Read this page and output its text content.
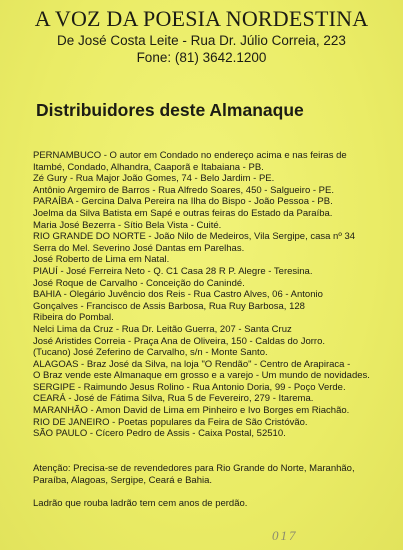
A VOZ DA POESIA NORDESTINA

De José Costa Leite - Rua Dr. Júlio Correia, 223

Fone: (81) 3642.1200

Distribuidores deste Almanaque
PERNAMBUCO - O autor em Condado no endereço acima e nas feiras de
Itambé, Condado, Alhandra, Caaporã e Itabaiana - PB.
Zé Gury - Rua Major João Gomes, 74 - Belo Jardim - PE.
Antônio Argemiro de Barros - Rua Alfredo Soares, 450 - Salgueiro - PE.
PARAÍBA - Gercina Dalva Pereira na Ilha do Bispo - João Pessoa - PB.
Joelma da Silva Batista em Sapé e outras feiras do Estado da Paraíba.
Maria José Bezerra - Sítio Bela Vista - Cuité.
RIO GRANDE DO NORTE - João Nilo de Medeiros, Vila Sergipe, casa nº 34
Serra do Mel. Severino José Dantas em Parelhas.
José Roberto de Lima em Natal.
PIAUÍ - José Ferreira Neto - Q. C1 Casa 28 R P. Alegre - Teresina.
José Roque de Carvalho - Conceição do Canindé.
BAHIA - Olegário Juvêncio dos Reis - Rua Castro Alves, 06 - Antonio
Gonçalves - Francisco de Assis Barbosa, Rua Ruy Barbosa, 128
Ribeira do Pombal.
Nelci Lima da Cruz - Rua Dr. Leitão Guerra, 207 - Santa Cruz
José Aristides Correia - Praça Ana de Oliveira, 150 - Caldas do Jorro.
(Tucano) José Zeferino de Carvalho, s/n - Monte Santo.
ALAGOAS - Braz José da Silva, na loja "O Rendão" - Centro de Arapiraca -
O Braz vende este Almanaque em grosso e a varejo - Um mundo de novidades.
SERGIPE - Raimundo Jesus Rolino - Rua Antonio Doria, 99 - Poço Verde.
CEARÁ - José de Fátima Silva, Rua 5 de Fevereiro, 279 - Itarema.
MARANHÃO - Amon David de Lima em Pinheiro e Ivo Borges em Riachão.
RIO DE JANEIRO - Poetas populares da Feira de São Cristóvão.
SÃO PAULO - Cícero Pedro de Assis - Caixa Postal, 52510.
Atenção: Precisa-se de revendedores para Rio Grande do Norte, Maranhão,
Paraíba, Alagoas, Sergipe, Ceará e Bahia.
Ladrão que rouba ladrão tem cem anos de perdão.
017
